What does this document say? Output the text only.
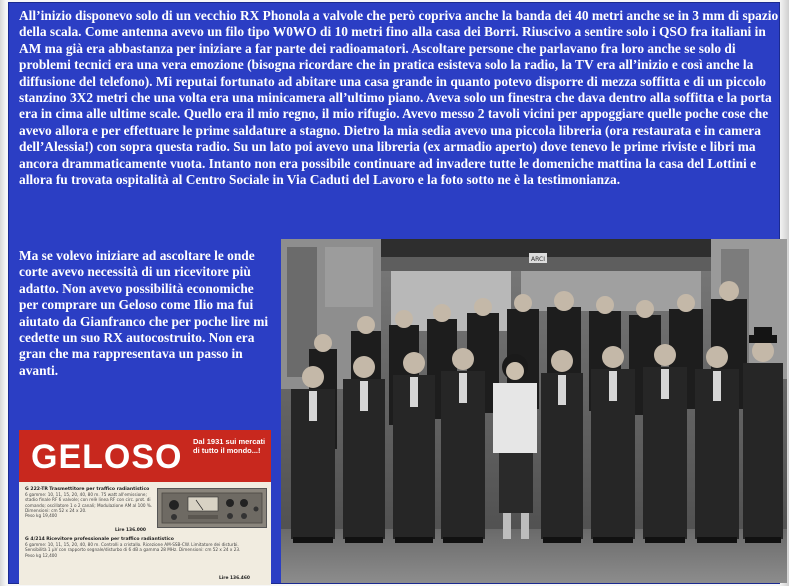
All’inizio disponevo solo di un vecchio RX Phonola a valvole che però copriva anche la banda dei 40 metri anche se in 3 mm di spazio della scala. Come antenna avevo un filo tipo W0WO di 10 metri fino alla casa dei Borri. Riuscivo a sentire solo i QSO fra italiani in AM ma già era abbastanza per iniziare a far parte dei radioamatori. Ascoltare persone che parlavano fra loro anche se solo di problemi tecnici era una vera emozione (bisogna ricordare che in pratica esisteva solo la radio, la TV era all’inizio e così anche la diffusione del telefono). Mi reputai fortunato ad abitare una casa grande in quanto potevo disporre di mezza soffitta e di un piccolo stanzino 3X2 metri che una volta era una minicamera all’ultimo piano. Aveva solo un finestra che dava dentro alla soffitta e la porta era in cima alle ultime scale. Quello era il mio regno, il mio rifugio. Avevo messo 2 tavoli vicini per appoggiare quelle poche cose che avevo allora e per effettuare le prime saldature a stagno. Dietro la mia sedia avevo una piccola libreria (ora restaurata e in camera dell’Alessia!) con sopra questa radio. Su un lato poi avevo una libreria (ex armadio aperto) dove tenevo le prime riviste e libri ma ancora drammaticamente vuota. Intanto non era possibile continuare ad invadere tutte le domeniche mattina la casa del Lottini e allora fu trovata ospitalità al Centro Sociale in Via Caduti del Lavoro e la foto sotto ne è la testimonianza.
Ma se volevo iniziare ad ascoltare le onde corte avevo necessità di un ricevitore più adatto. Non avevo possibilità economiche per comprare un Geloso come Ilio ma fui aiutato da Gianfranco che per poche lire mi cedette un suo RX autocostruito. Non era gran che ma rappresentava un passo in avanti.
GELOSO Dal 1931 sui mercati di tutto il mondo...!
G 222-TR Trasmettitore per traffico radiantistico
6 gamme: 10, 11, 15, 20, 40, 80 m. 75 watt all'emissione; stadio finale RF 6 valvole; con relè linea RF con circ. prot. di comando; oscillatore 1 o 2 canali; Modulazione AM al 100 %. Dimensioni: cm 52 x 24 x 20.
Peso kg 19,400
Lire 136.000
G 4/214 Ricevitore professionale per traffico radiantistico
6 gamme: 10, 11, 15, 20, 40, 80 m. Controlli a cristallo. Ricezione AM-SSB-CW. Limitatore dei disturbi. Sensibilità 1 µV con rapporto segnale/disturbo di 6 dB a gamma 28 MHz. Dimensioni: cm 52 x 24 x 23.
Peso kg 12,400
Lire 136.460
ARCI
